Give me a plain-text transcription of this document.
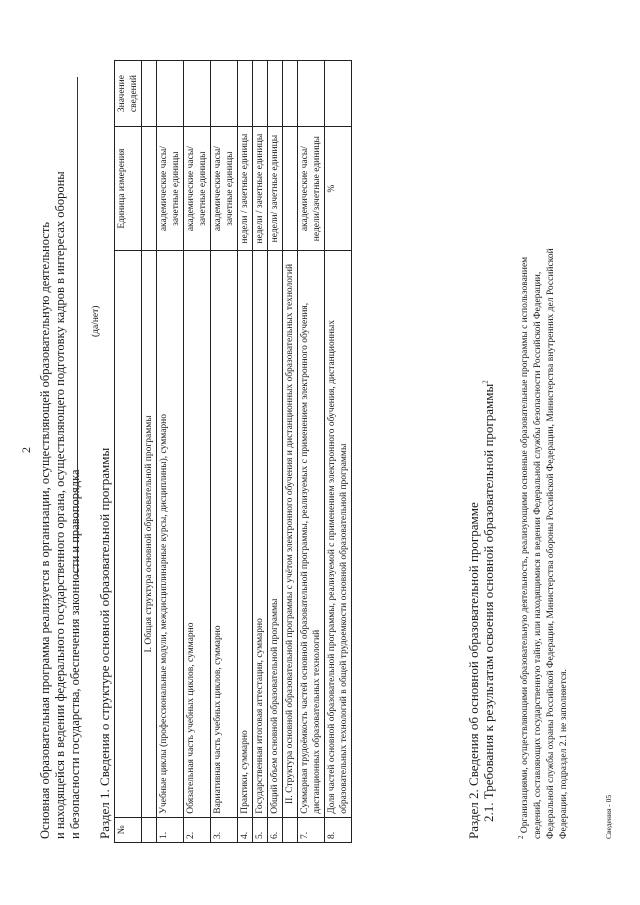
2 Основная образовательная программа реализуется в организации, осуществляющей образовательную деятельность и находящейся в ведении федерального государственного органа, осуществляющего подготовку кадров в интересах обороны и безопасности государства, обеспечения законности и правопорядка
(да/нет)
Раздел 1. Сведения о структуре основной образовательной программы №		Единица измерения	Значение сведений
	I. Общая структура основной образовательной программы		
1.	Учебные циклы (профессиональные модули, междисциплинарные курсы, дисциплины), суммарно	академические часы/ зачетные единицы	
2.	Обязательная часть учебных циклов, суммарно	академические часы/ зачетные единицы	
3.	Вариативная часть учебных циклов, суммарно	академические часы/ зачетные единицы	
4.	Практики, суммарно	недели / зачетные единицы	
5.	Государственная итоговая аттестация, суммарно	недели / зачетные единицы	
6.	Общий объем основной образовательной программы	недели/ зачетные единицы	
	II. Структура основной образовательной программы с учётом электронного обучения и дистанционных образовательных технологий		
7.	Суммарная трудоёмкость частей основной образовательной программы, реализуемых с применением электронного обучения, дистанционных образовательных технологий	академические часы/ недели/зачетные единицы	
8.	Доля частей основной образовательной программы, реализуемой с применением электронного обучения, дистанционных образовательных технологий в общей трудоемкости основной образовательной программы	%	
Раздел 2. Сведения об основной образовательной программе 2.1. Требования к результатам освоения основной образовательной программы$^2$
$^2$ Организациями, осуществляющими образовательную деятельность, реализующими основные образовательные программы с использованием сведений, составляющих государственную тайну, или находящимися в ведении Федеральной службы безопасности Российской Федерации, Федеральной службы охраны Российской Федерации, Министерства обороны Российской Федерации, Министерства внутренних дел Российской Федерации, подраздел 2.1 не заполняется.	Сведения - 05
